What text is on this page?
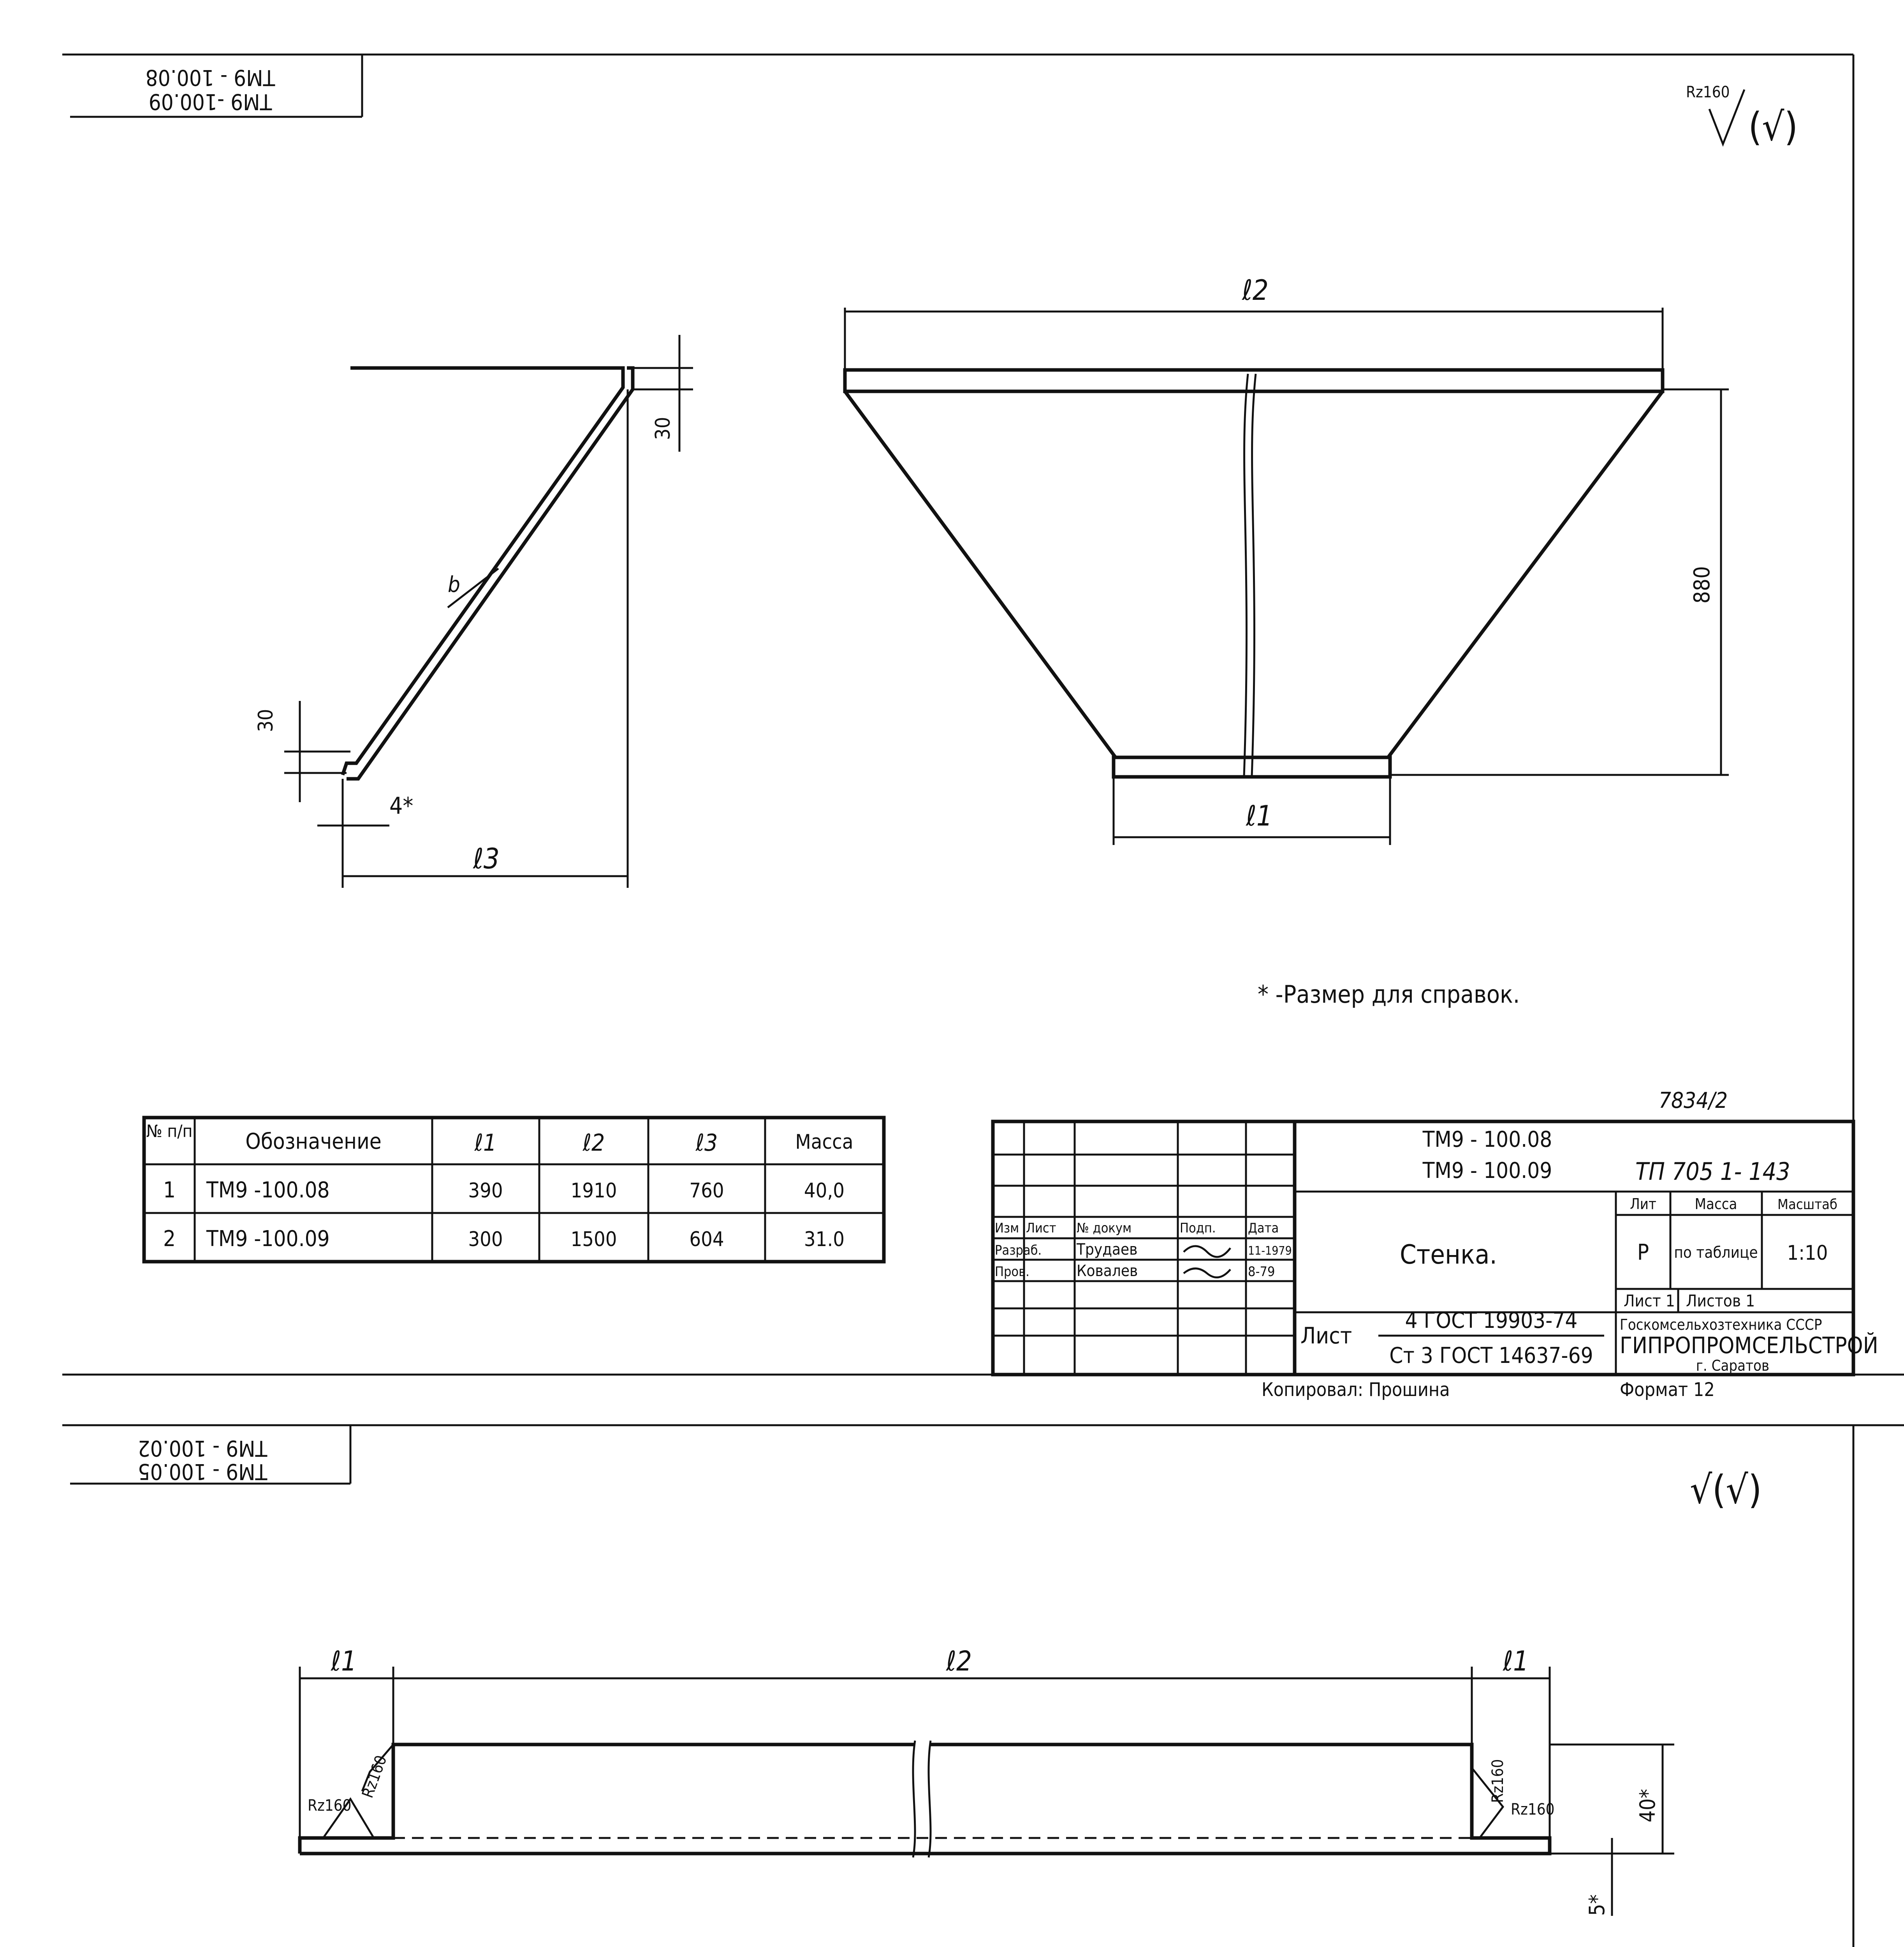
ТМ9 -100.09
ТМ9 - 100.08
Rz160
(√)
30
30
4*
ℓ3
b
ℓ2
880
ℓ1
* -Размер для справок.
№ п/п Обозначение	ℓ1	ℓ2	ℓ3	Масса
1 ТМ9 -100.08	390	1910	760	40,0
2 ТМ9 -100.09	300	1500	604	31.0
7834/2
ТМ9 - 100.08
ТМ9 - 100.09	ТП 705 1- 143
Стенка.
Лит	Масса	Масштаб
Р по таблице 1:10
Лист 1 Листов 1
Лист
4 ГОСТ 19903-74
Ст 3 ГОСТ 14637-69
Госкомсельхозтехника СССР
ГИПРОПРОМСЕЛЬСТРОЙ
г. Саратов
Изм Лист № докум	Подп. Дата
Разраб. Трудаев	11-1979
Пров.	Ковалев	8-79
Копировал: Прошина	Формат 12
ТМ9 - 100.05
ТМ9 - 100.02
√(√)
ℓ1	ℓ2	ℓ1
40*
5*
Rz160
Rz160	Rz160
Rz160
